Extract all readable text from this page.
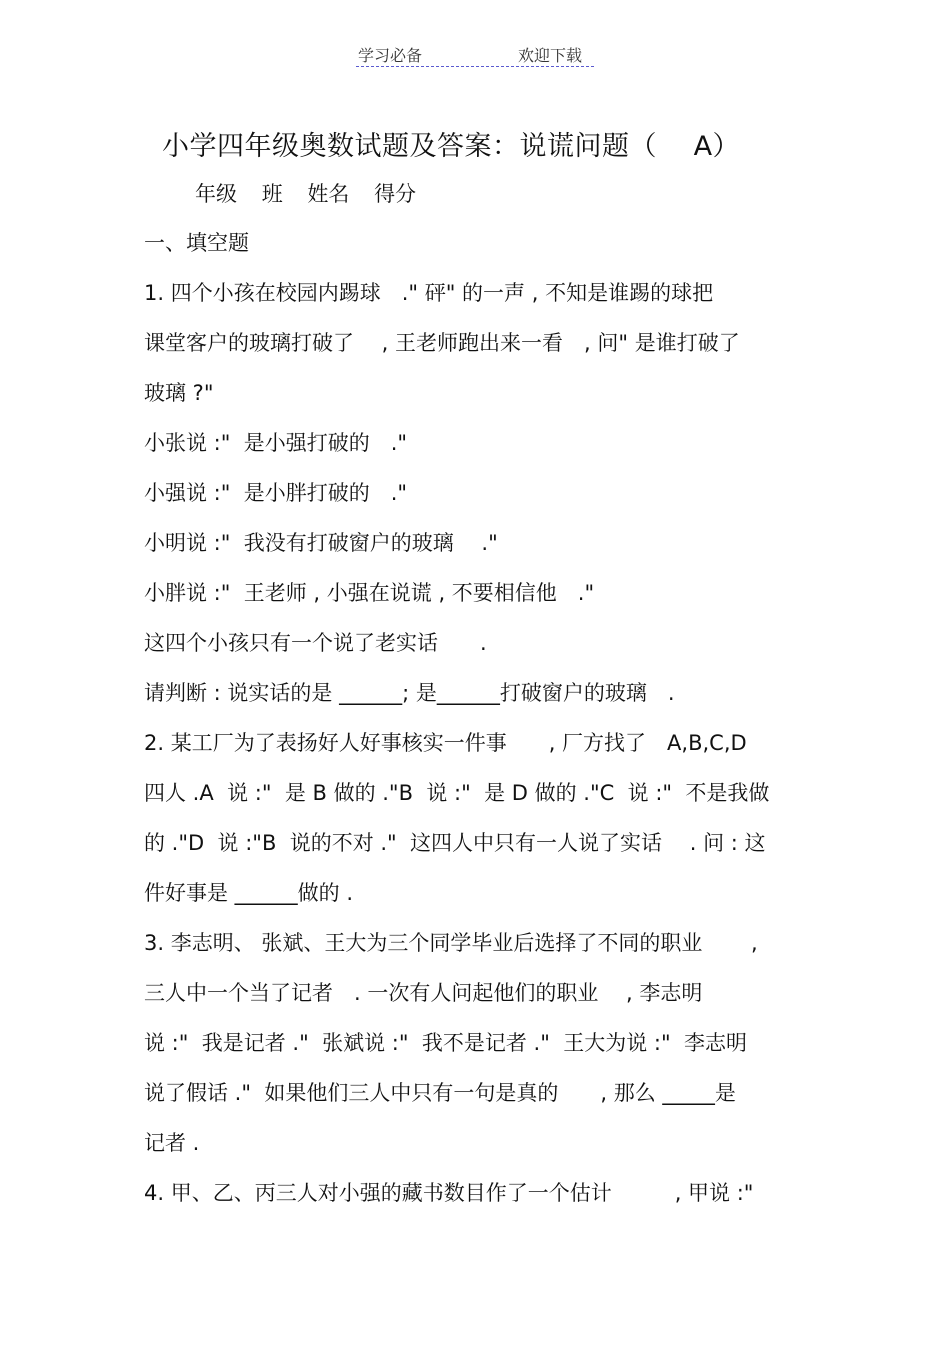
学习必备	欢迎下载
小学四年级奥数试题及答案：说谎问题（　 A）
年级 班 姓名 得分
一、填空题
1. 四个小孩在校园内踢球　." 砰" 的一声 , 不知是谁踢的球把
课堂客户的玻璃打破了　 , 王老师跑出来一看　, 问" 是谁打破了
玻璃 ?"
小张说 :"  是小强打破的　."
小强说 :"  是小胖打破的　."
小明说 :"  我没有打破窗户的玻璃　 ."
小胖说 :"  王老师 , 小强在说谎 , 不要相信他　."
这四个小孩只有一个说了老实话　　.
请判断 : 说实话的是 ______; 是______打破窗户的玻璃　.
2. 某工厂为了表扬好人好事核实一件事　　, 厂方找了　A,B,C,D
四人 .A  说 :"  是 B 做的 ."B  说 :"  是 D 做的 ."C  说 :"  不是我做
的 ."D  说 :"B  说的不对 ."  这四人中只有一人说了实话　 . 问 : 这
件好事是 ______做的 .
3. 李志明、 张斌、王大为三个同学毕业后选择了不同的职业　　 ,
三人中一个当了记者　. 一次有人问起他们的职业　 , 李志明
说 :"  我是记者 ."  张斌说 :"  我不是记者 ."  王大为说 :"  李志明
说了假话 ."  如果他们三人中只有一句是真的　　, 那么 _____是
记者 .
4. 甲、乙、丙三人对小强的藏书数目作了一个估计　　　, 甲说 :"
